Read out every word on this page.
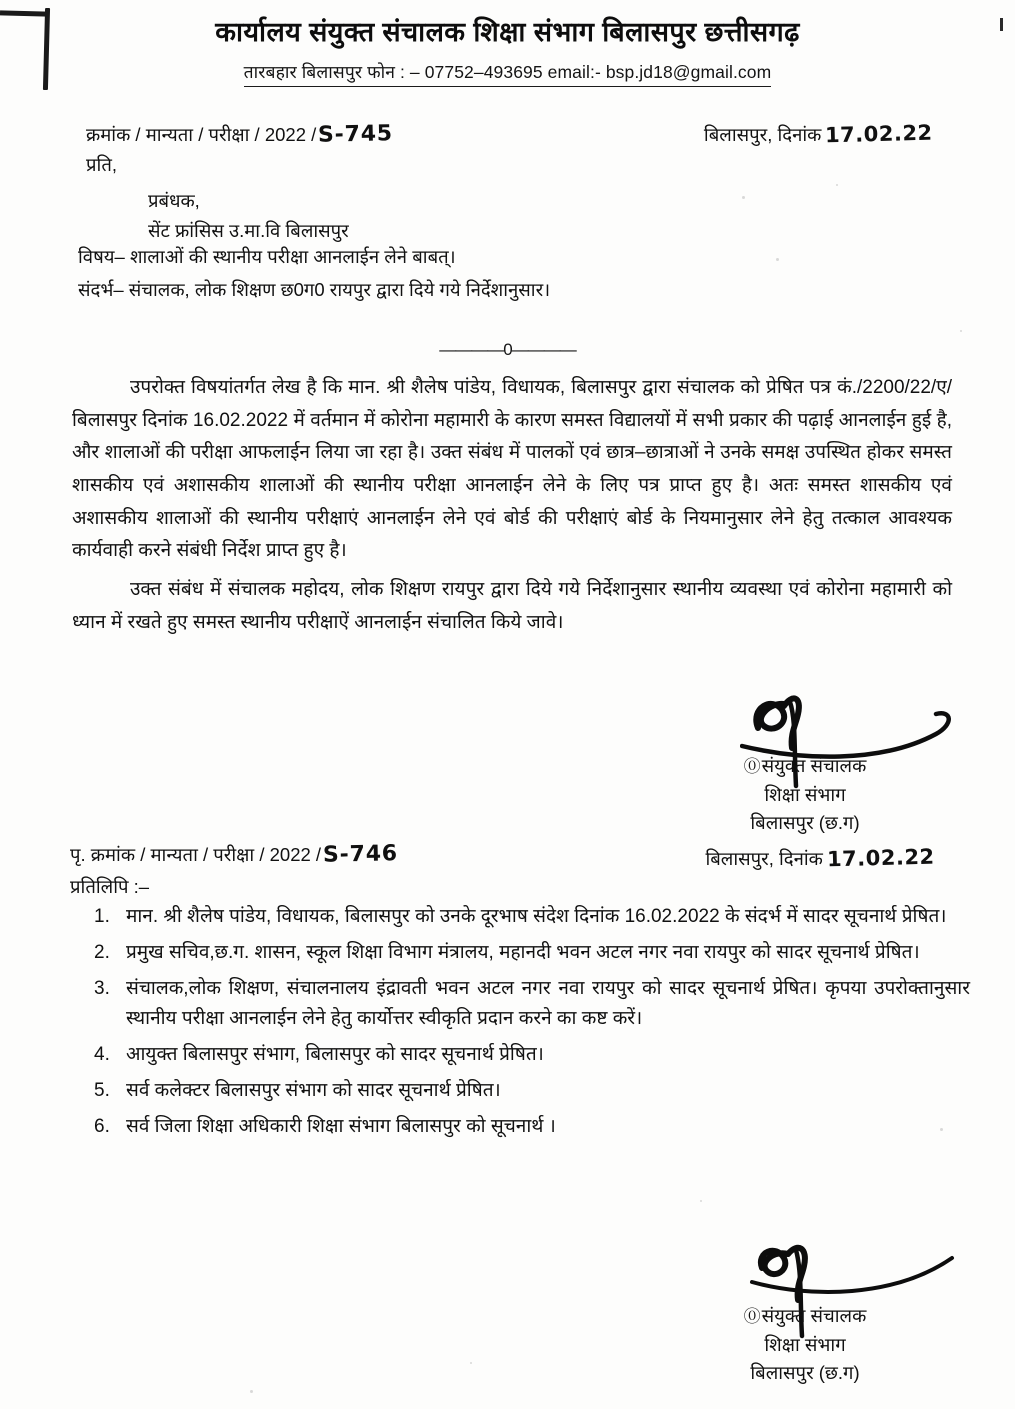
कार्यालय संयुक्त संचालक शिक्षा संभाग बिलासपुर छत्तीसगढ़
तारबहार बिलासपुर फोन : – 07752–493695 email:- bsp.jd18@gmail.com
क्रमांक / मान्यता / परीक्षा / 2022 /S-745	बिलासपुर, दिनांक 17.02.22
प्रति,
प्रबंधक,
सेंट फ्रांसिस उ.मा.वि बिलासपुर
विषय– शालाओं की स्थानीय परीक्षा आनलाईन लेने बाबत्।
संदर्भ– संचालक, लोक शिक्षण छ0ग0 रायपुर द्वारा दिये गये निर्देशानुसार।
————0————

उपरोक्त विषयांतर्गत लेख है कि मान. श्री शैलेष पांडेय, विधायक, बिलासपुर द्वारा संचालक को प्रेषित पत्र कं./2200/22/ए/बिलासपुर दिनांक 16.02.2022 में वर्तमान में कोरोना महामारी के कारण समस्त विद्यालयों में सभी प्रकार की पढ़ाई आनलाईन हुई है, और शालाओं की परीक्षा आफलाईन लिया जा रहा है। उक्त संबंध में पालकों एवं छात्र–छात्राओं ने उनके समक्ष उपस्थित होकर समस्त शासकीय एवं अशासकीय शालाओं की स्थानीय परीक्षा आनलाईन लेने के लिए पत्र प्राप्त हुए है। अतः समस्त शासकीय एवं अशासकीय शालाओं की स्थानीय परीक्षाएं आनलाईन लेने एवं बोर्ड की परीक्षाएं बोर्ड के नियमानुसार लेने हेतु तत्काल आवश्यक कार्यवाही करने संबंधी निर्देश प्राप्त हुए है।

उक्त संबंध में संचालक महोदय, लोक शिक्षण रायपुर द्वारा दिये गये निर्देशानुसार स्थानीय व्यवस्था एवं कोरोना महामारी को ध्यान में रखते हुए समस्त स्थानीय परीक्षाऐं आनलाईन संचालित किये जावे।

⓪संयुक्त संचालक
शिक्षा संभाग
बिलासपुर (छ.ग)
बिलासपुर, दिनांक 17.02.22
पृ. क्रमांक / मान्यता / परीक्षा / 2022 /S-746
प्रतिलिपि :–
1. मान. श्री शैलेष पांडेय, विधायक, बिलासपुर को उनके दूरभाष संदेश दिनांक 16.02.2022 के संदर्भ में सादर सूचनार्थ प्रेषित।
2. प्रमुख सचिव,छ.ग. शासन, स्कूल शिक्षा विभाग मंत्रालय, महानदी भवन अटल नगर नवा रायपुर को सादर सूचनार्थ प्रेषित।
3. संचालक,लोक शिक्षण, संचालनालय इंद्रावती भवन अटल नगर नवा रायपुर को सादर सूचनार्थ प्रेषित। कृपया उपरोक्तानुसार स्थानीय परीक्षा आनलाईन लेने हेतु कार्योत्तर स्वीकृति प्रदान करने का कष्ट करें।
4. आयुक्त बिलासपुर संभाग, बिलासपुर को सादर सूचनार्थ प्रेषित।
5. सर्व कलेक्टर बिलासपुर संभाग को सादर सूचनार्थ प्रेषित।
6. सर्व जिला शिक्षा अधिकारी शिक्षा संभाग बिलासपुर को सूचनार्थ ।
⓪संयुक्त संचालक
शिक्षा संभाग
बिलासपुर (छ.ग)
